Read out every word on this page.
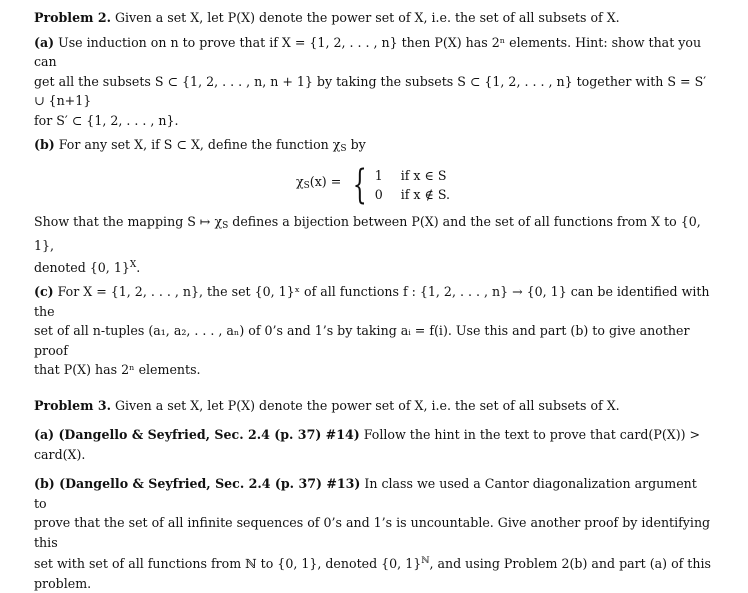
Problem 2. Given a set X, let P(X) denote the power set of X, i.e. the set of all subsets of X.

(a) Use induction on n to prove that if X = {1, 2, . . . , n} then P(X) has 2ⁿ elements. Hint: show that you can

get all the subsets S ⊂ {1, 2, . . . , n, n + 1} by taking the subsets S ⊂ {1, 2, . . . , n} together with S = S′ ∪ {n+1}

for S′ ⊂ {1, 2, . . . , n}.

(b) For any set X, if S ⊂ X, define the function $\chi_S$ by

$\chi_S(x)$ = { 1	if x ∈ S
0	if x ∉ S.

Show that the mapping S ↦ $\chi_S$ defines a bijection between P(X) and the set of all functions from X to {0, 1},

denoted {0, 1}$^X$.

(c) For X = {1, 2, . . . , n}, the set {0, 1}ˣ of all functions f : {1, 2, . . . , n} → {0, 1} can be identified with the

set of all n-tuples (a₁, a₂, . . . , aₙ) of 0’s and 1’s by taking aᵢ = f(i). Use this and part (b) to give another proof

that P(X) has 2ⁿ elements.

Problem 3. Given a set X, let P(X) denote the power set of X, i.e. the set of all subsets of X.

(a) (Dangello & Seyfried, Sec. 2.4 (p. 37) #14) Follow the hint in the text to prove that card(P(X)) >

card(X).

(b) (Dangello & Seyfried, Sec. 2.4 (p. 37) #13) In class we used a Cantor diagonalization argument to

prove that the set of all infinite sequences of 0’s and 1’s is uncountable. Give another proof by identifying this

set with set of all functions from ℕ to {0, 1}, denoted {0, 1}$^ℕ$, and using Problem 2(b) and part (a) of this

problem.
